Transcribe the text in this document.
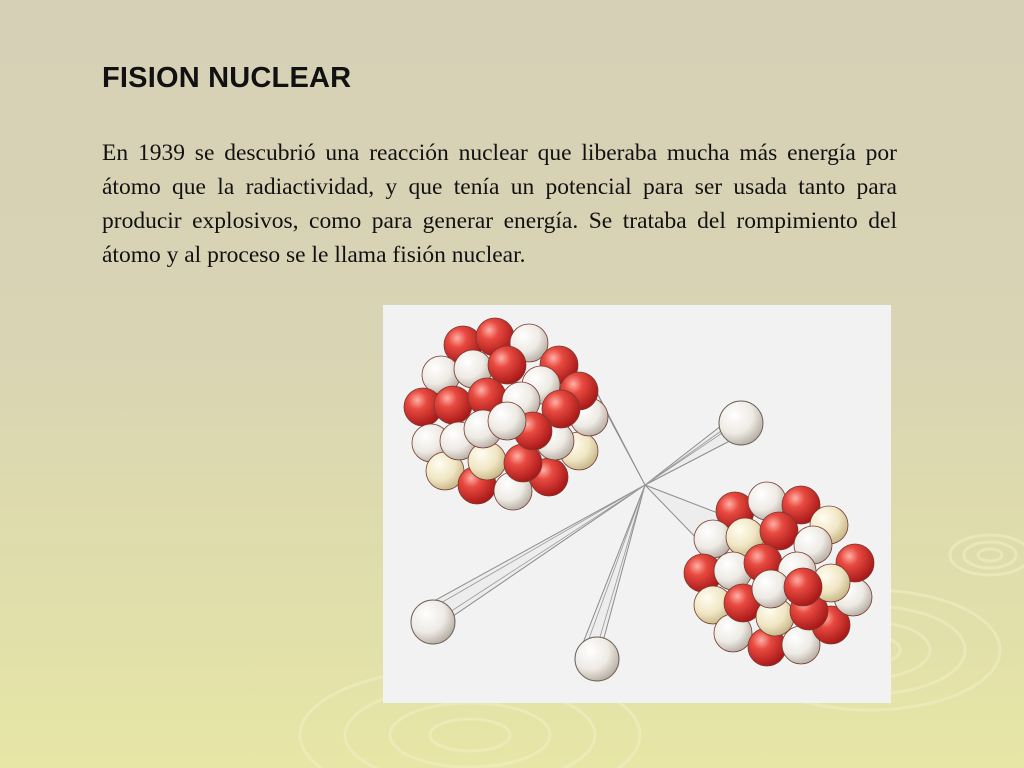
FISION NUCLEAR

En 1939 se descubrió una reacción nuclear que liberaba mucha más energía por átomo que la radiactividad, y que tenía un potencial para ser usada tanto para producir explosivos, como para generar energía. Se trataba del rompimiento del átomo y al proceso se le llama fisión nuclear.
